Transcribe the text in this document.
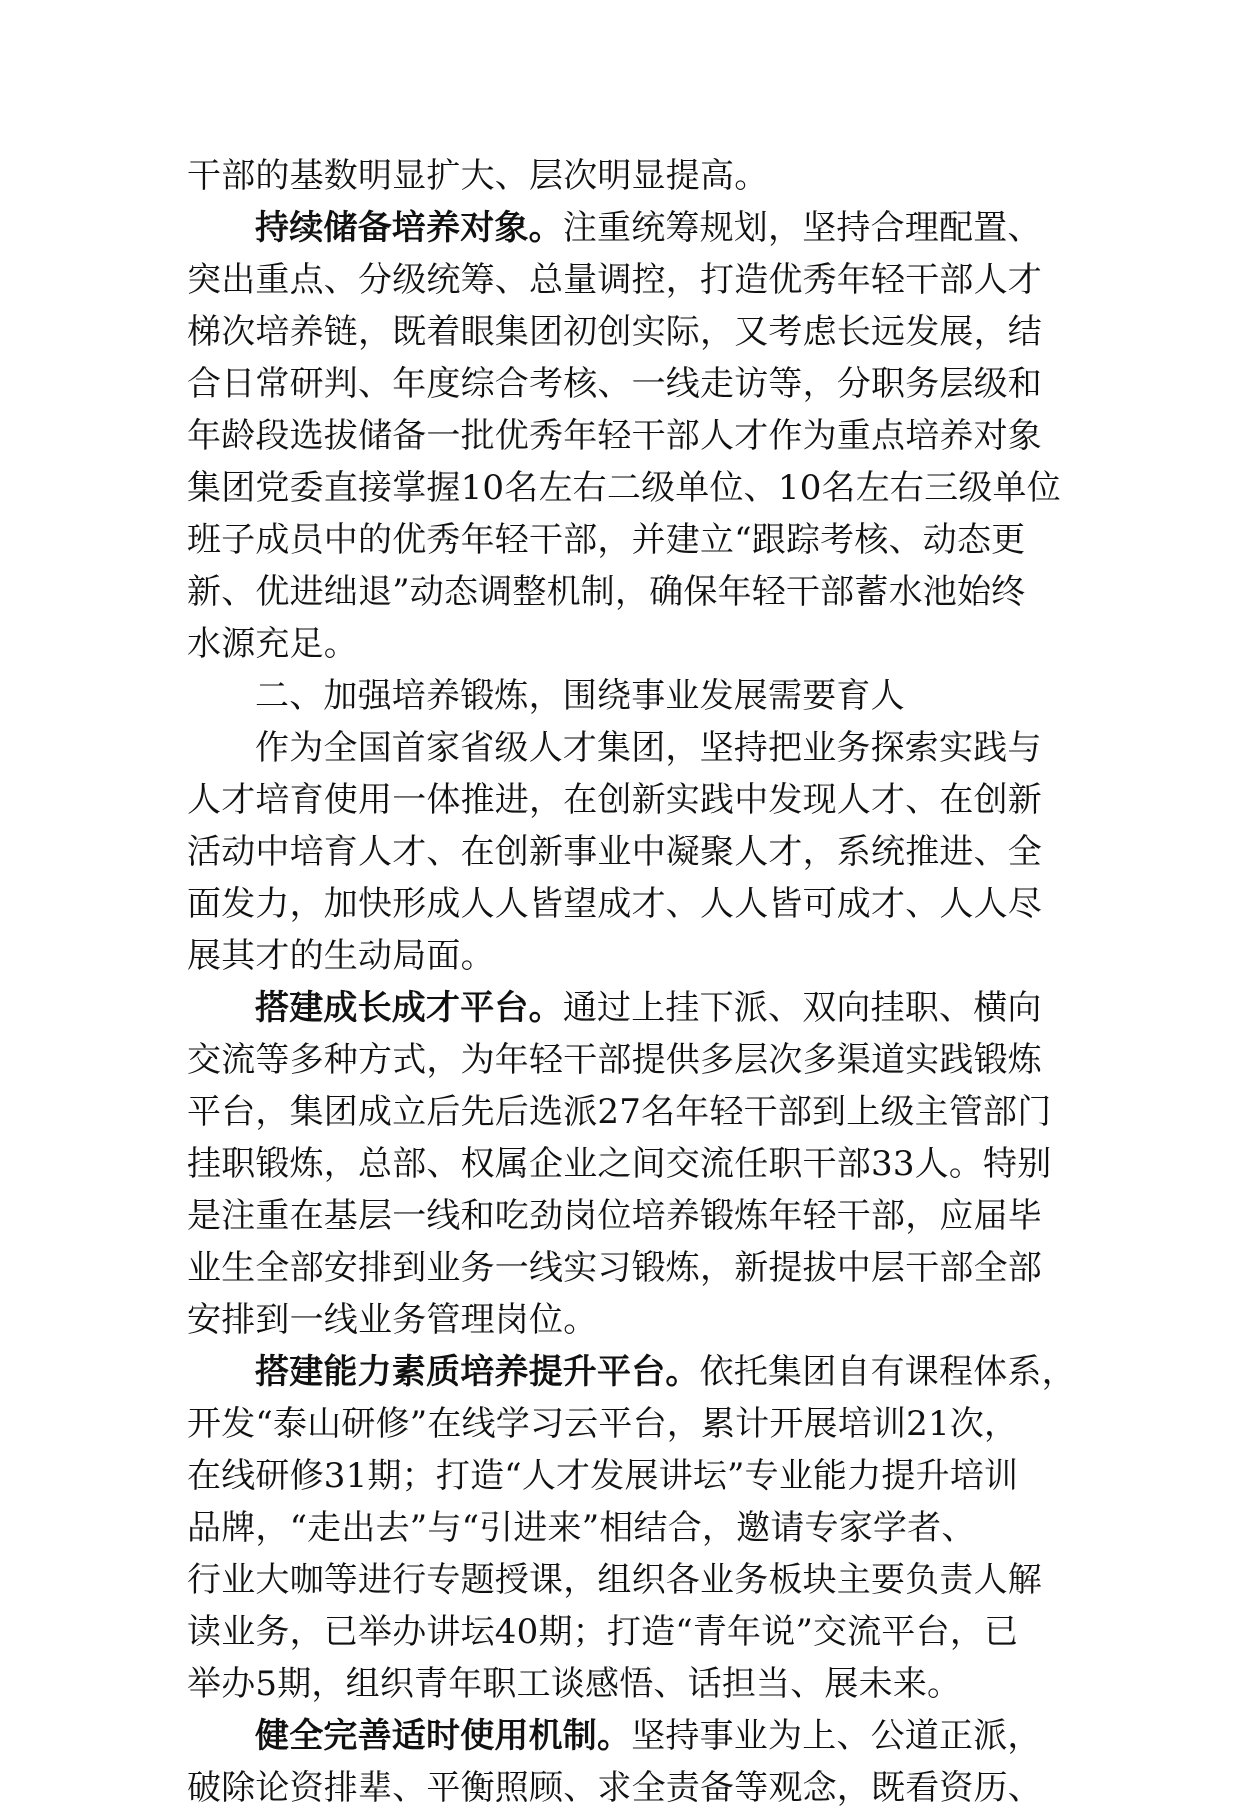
干部的基数明显扩大、层次明显提高。
持续储备培养对象。注重统筹规划，坚持合理配置、
突出重点、分级统筹、总量调控，打造优秀年轻干部人才
梯次培养链，既着眼集团初创实际，又考虑长远发展，结
合日常研判、年度综合考核、一线走访等，分职务层级和
年龄段选拔储备一批优秀年轻干部人才作为重点培养对象
集团党委直接掌握10名左右二级单位、10名左右三级单位
班子成员中的优秀年轻干部，并建立“跟踪考核、动态更
新、优进绌退”动态调整机制，确保年轻干部蓄水池始终
水源充足。
二、加强培养锻炼，围绕事业发展需要育人
作为全国首家省级人才集团，坚持把业务探索实践与
人才培育使用一体推进，在创新实践中发现人才、在创新
活动中培育人才、在创新事业中凝聚人才，系统推进、全
面发力，加快形成人人皆望成才、人人皆可成才、人人尽
展其才的生动局面。
搭建成长成才平台。通过上挂下派、双向挂职、横向
交流等多种方式，为年轻干部提供多层次多渠道实践锻炼
平台，集团成立后先后选派27名年轻干部到上级主管部门
挂职锻炼，总部、权属企业之间交流任职干部33人。特别
是注重在基层一线和吃劲岗位培养锻炼年轻干部，应届毕
业生全部安排到业务一线实习锻炼，新提拔中层干部全部
安排到一线业务管理岗位。
搭建能力素质培养提升平台。依托集团自有课程体系，
开发“泰山研修”在线学习云平台，累计开展培训21次，
在线研修31期；打造“人才发展讲坛”专业能力提升培训
品牌，“走出去”与“引进来”相结合，邀请专家学者、
行业大咖等进行专题授课，组织各业务板块主要负责人解
读业务，已举办讲坛40期；打造“青年说”交流平台，已
举办5期，组织青年职工谈感悟、话担当、展未来。
健全完善适时使用机制。坚持事业为上、公道正派，
破除论资排辈、平衡照顾、求全责备等观念，既看资历、
